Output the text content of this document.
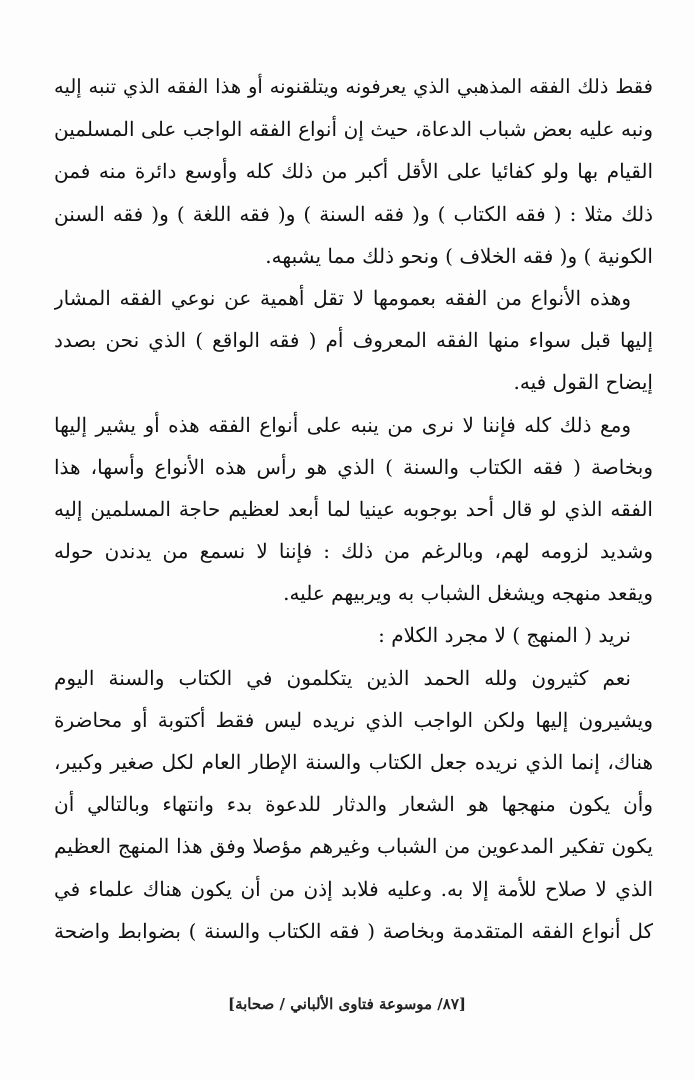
فقط ذلك الفقه المذهبي الذي يعرفونه ويتلقنونه أو هذا الفقه الذي تنبه إليه
ونبه عليه بعض شباب الدعاة، حيث إن أنواع الفقه الواجب على المسلمين
القيام بها ولو كفائيا على الأقل أكبر من ذلك كله وأوسع دائرة منه فمن
ذلك مثلا : ( فقه الكتاب ) و( فقه السنة ) و( فقه اللغة ) و( فقه السنن
الكونية ) و( فقه الخلاف ) ونحو ذلك مما يشبهه.
وهذه الأنواع من الفقه بعمومها لا تقل أهمية عن نوعي الفقه المشار
إليها قبل سواء منها الفقه المعروف أم ( فقه الواقع ) الذي نحن بصدد
إيضاح القول فيه.
ومع ذلك كله فإننا لا نرى من ينبه على أنواع الفقه هذه أو يشير إليها
وبخاصة ( فقه الكتاب والسنة ) الذي هو رأس هذه الأنواع وأسها، هذا
الفقه الذي لو قال أحد بوجوبه عينيا لما أبعد لعظيم حاجة المسلمين إليه
وشديد لزومه لهم، وبالرغم من ذلك : فإننا لا نسمع من يدندن حوله
ويقعد منهجه ويشغل الشباب به ويربيهم عليه.
نريد ( المنهج ) لا مجرد الكلام :
نعم كثيرون ولله الحمد الذين يتكلمون في الكتاب والسنة اليوم
ويشيرون إليها ولكن الواجب الذي نريده ليس فقط أكتوبة أو محاضرة
هناك، إنما الذي نريده جعل الكتاب والسنة الإطار العام لكل صغير وكبير،
وأن يكون منهجها هو الشعار والدثار للدعوة بدء وانتهاء وبالتالي أن
يكون تفكير المدعوين من الشباب وغيرهم مؤصلا وفق هذا المنهج العظيم
الذي لا صلاح للأمة إلا به. وعليه فلابد إذن من أن يكون هناك علماء في
كل أنواع الفقه المتقدمة وبخاصة ( فقه الكتاب والسنة ) بضوابط واضحة
[٨٧/ موسوعة فتاوى الألباني / صحابة]
